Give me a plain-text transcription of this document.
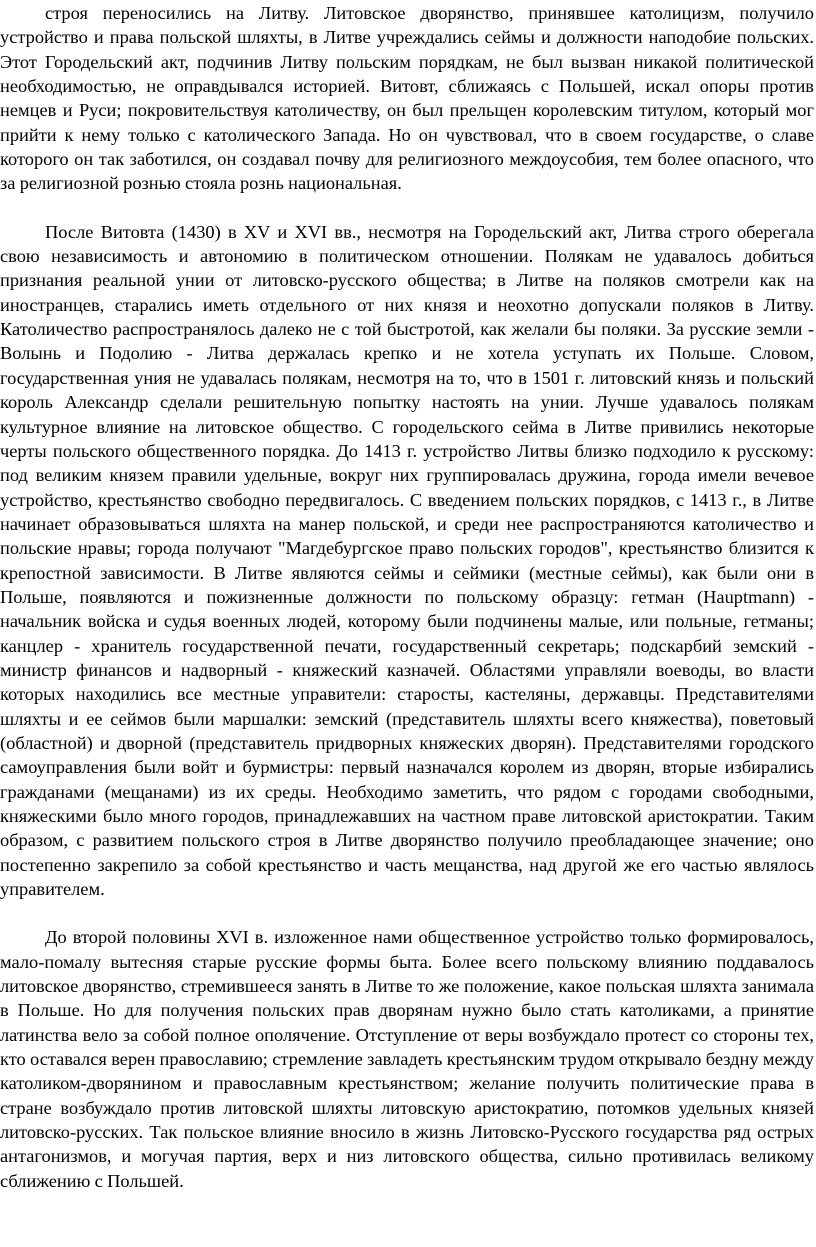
строя переносились на Литву. Литовское дворянство, принявшее католицизм, получило устройство и права польской шляхты, в Литве учреждались сеймы и должности наподобие польских. Этот Городельский акт, подчинив Литву польским порядкам, не был вызван никакой политической необходимостью, не оправдывался историей. Витовт, сближаясь с Польшей, искал опоры против немцев и Руси; покровительствуя католичеству, он был прельщен королевским титулом, который мог прийти к нему только с католического Запада. Но он чувствовал, что в своем государстве, о славе которого он так заботился, он создавал почву для религиозного междоусобия, тем более опасного, что за религиозной рознью стояла рознь национальная.

После Витовта (1430) в XV и XVI вв., несмотря на Городельский акт, Литва строго оберегала свою независимость и автономию в политическом отношении. Полякам не удавалось добиться признания реальной унии от литовско-русского общества; в Литве на поляков смотрели как на иностранцев, старались иметь отдельного от них князя и неохотно допускали поляков в Литву. Католичество распространялось далеко не с той быстротой, как желали бы поляки. За русские земли - Волынь и Подолию - Литва держалась крепко и не хотела уступать их Польше. Словом, государственная уния не удавалась полякам, несмотря на то, что в 1501 г. литовский князь и польский король Александр сделали решительную попытку настоять на унии. Лучше удавалось полякам культурное влияние на литовское общество. С городельского сейма в Литве привились некоторые черты польского общественного порядка. До 1413 г. устройство Литвы близко подходило к русскому: под великим князем правили удельные, вокруг них группировалась дружина, города имели вечевое устройство, крестьянство свободно передвигалось. С введением польских порядков, с 1413 г., в Литве начинает образовываться шляхта на манер польской, и среди нее распространяются католичество и польские нравы; города получают "Магдебургское право польских городов", крестьянство близится к крепостной зависимости. В Литве являются сеймы и сеймики (местные сеймы), как были они в Польше, появляются и пожизненные должности по польскому образцу: гетман (Hauptmann) - начальник войска и судья военных людей, которому были подчинены малые, или польные, гетманы; канцлер - хранитель государственной печати, государственный секретарь; подскарбий земский - министр финансов и надворный - княжеский казначей. Областями управляли воеводы, во власти которых находились все местные управители: старосты, кастеляны, державцы. Представителями шляхты и ее сеймов были маршалки: земский (представитель шляхты всего княжества), поветовый (областной) и дворной (представитель придворных княжеских дворян). Представителями городского самоуправления были войт и бурмистры: первый назначался королем из дворян, вторые избирались гражданами (мещанами) из их среды. Необходимо заметить, что рядом с городами свободными, княжескими было много городов, принадлежавших на частном праве литовской аристократии. Таким образом, с развитием польского строя в Литве дворянство получило преобладающее значение; оно постепенно закрепило за собой крестьянство и часть мещанства, над другой же его частью являлось управителем.

До второй половины XVI в. изложенное нами общественное устройство только формировалось, мало-помалу вытесняя старые русские формы быта. Более всего польскому влиянию поддавалось литовское дворянство, стремившееся занять в Литве то же положение, какое польская шляхта занимала в Польше. Но для получения польских прав дворянам нужно было стать католиками, а принятие латинства вело за собой полное ополячение. Отступление от веры возбуждало протест со стороны тех, кто оставался верен православию; стремление завладеть крестьянским трудом открывало бездну между католиком-дворянином и православным крестьянством; желание получить политические права в стране возбуждало против литовской шляхты литовскую аристократию, потомков удельных князей литовско-русских. Так польское влияние вносило в жизнь Литовско-Русского государства ряд острых антагонизмов, и могучая партия, верх и низ литовского общества, сильно противилась великому сближению с Польшей.
